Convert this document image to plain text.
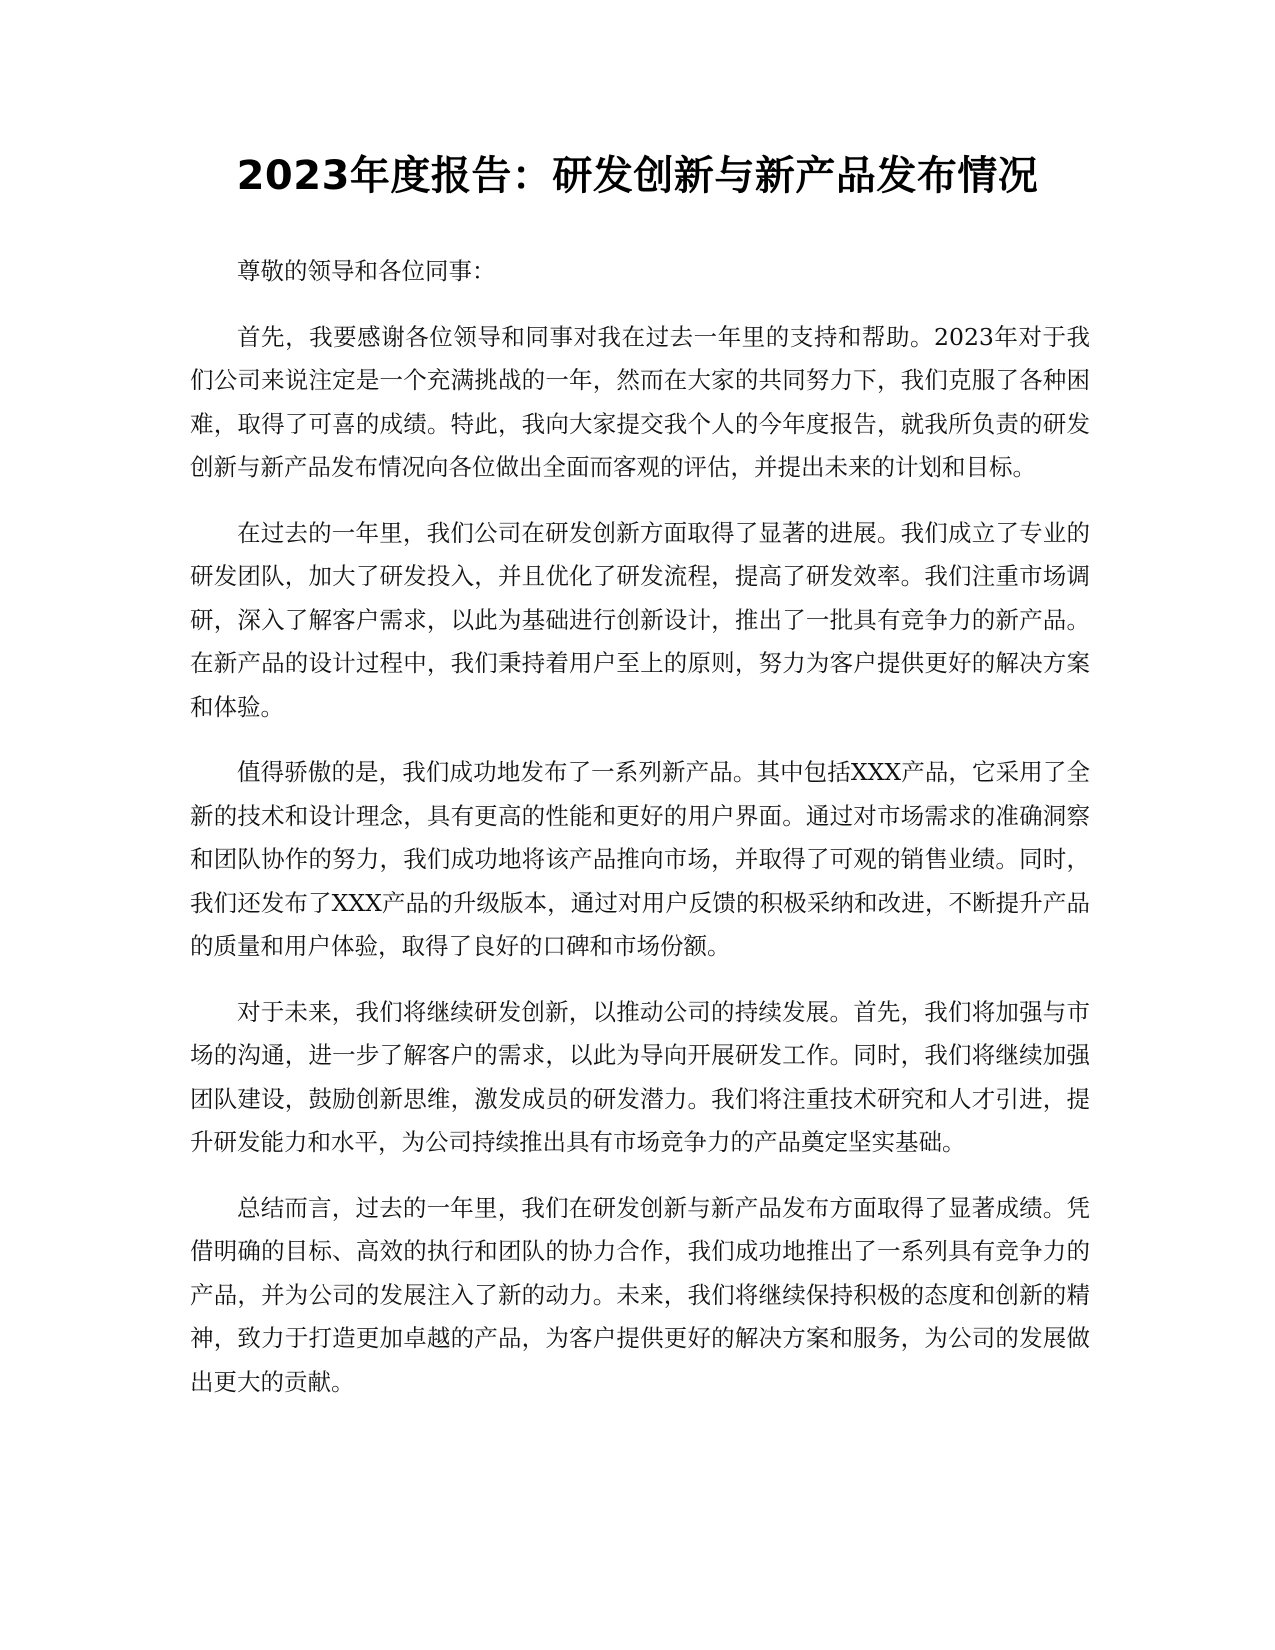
2023年度报告：研发创新与新产品发布情况

尊敬的领导和各位同事：

首先，我要感谢各位领导和同事对我在过去一年里的支持和帮助。2023年对于我们公司来说注定是一个充满挑战的一年，然而在大家的共同努力下，我们克服了各种困难，取得了可喜的成绩。特此，我向大家提交我个人的今年度报告，就我所负责的研发创新与新产品发布情况向各位做出全面而客观的评估，并提出未来的计划和目标。

在过去的一年里，我们公司在研发创新方面取得了显著的进展。我们成立了专业的研发团队，加大了研发投入，并且优化了研发流程，提高了研发效率。我们注重市场调研，深入了解客户需求，以此为基础进行创新设计，推出了一批具有竞争力的新产品。在新产品的设计过程中，我们秉持着用户至上的原则，努力为客户提供更好的解决方案和体验。

值得骄傲的是，我们成功地发布了一系列新产品。其中包括XXX产品，它采用了全新的技术和设计理念，具有更高的性能和更好的用户界面。通过对市场需求的准确洞察和团队协作的努力，我们成功地将该产品推向市场，并取得了可观的销售业绩。同时，我们还发布了XXX产品的升级版本，通过对用户反馈的积极采纳和改进，不断提升产品的质量和用户体验，取得了良好的口碑和市场份额。

对于未来，我们将继续研发创新，以推动公司的持续发展。首先，我们将加强与市场的沟通，进一步了解客户的需求，以此为导向开展研发工作。同时，我们将继续加强团队建设，鼓励创新思维，激发成员的研发潜力。我们将注重技术研究和人才引进，提升研发能力和水平，为公司持续推出具有市场竞争力的产品奠定坚实基础。

总结而言，过去的一年里，我们在研发创新与新产品发布方面取得了显著成绩。凭借明确的目标、高效的执行和团队的协力合作，我们成功地推出了一系列具有竞争力的产品，并为公司的发展注入了新的动力。未来，我们将继续保持积极的态度和创新的精神，致力于打造更加卓越的产品，为客户提供更好的解决方案和服务，为公司的发展做出更大的贡献。
